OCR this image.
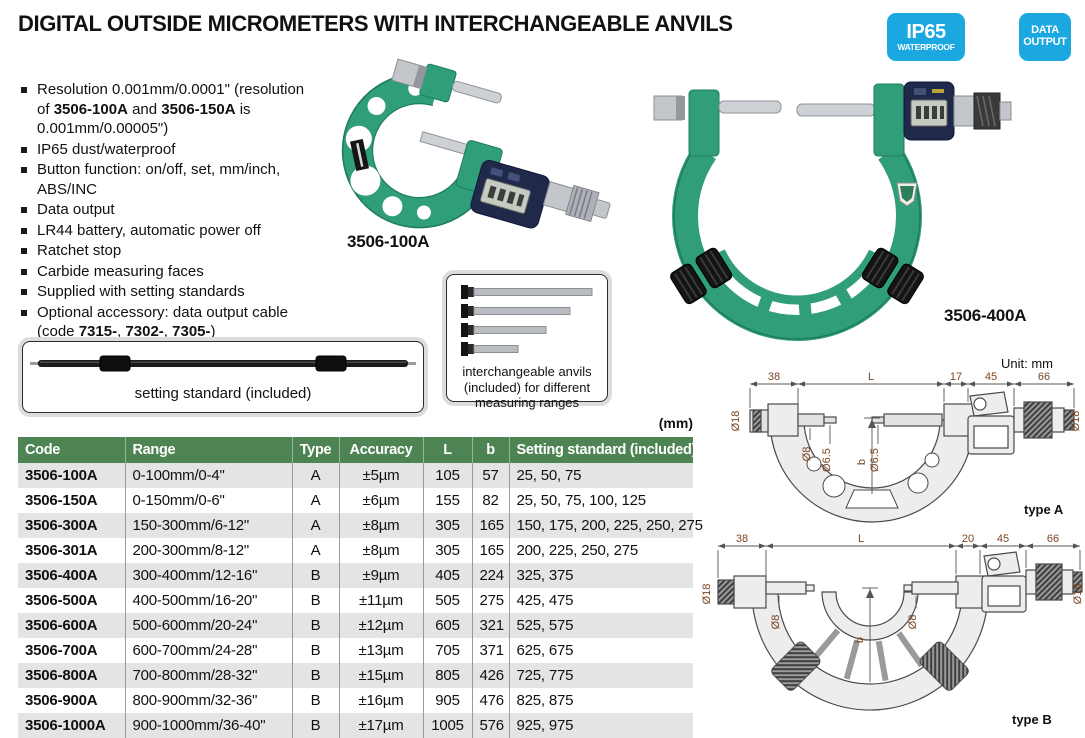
DIGITAL OUTSIDE MICROMETERS WITH INTERCHANGEABLE ANVILS	IP65
WATERPROOF
DATA
OUTPUT
Resolution 0.001mm/0.0001" (resolution of 3506-100A and 3506-150A is 0.001mm/0.00005")
IP65 dust/waterproof
Button function: on/off, set, mm/inch, ABS/INC
Data output
LR44 battery, automatic power off
Ratchet stop
Carbide measuring faces
Supplied with setting standards
Optional accessory: data output cable (code 7315-, 7302-, 7305-)
3506-100A
3506-400A
setting standard (included)
interchangeable anvils (included) for different measuring ranges
(mm)
Unit: mm
Code	Range	Type	Accuracy	L	b	Setting standard (included)
3506-100A	0-100mm/0-4"	A	±5µm	105	57	25, 50, 75
3506-150A	0-150mm/0-6"	A	±6µm	155	82	25, 50, 75, 100, 125
3506-300A	150-300mm/6-12"	A	±8µm	305	165	150, 175, 200, 225, 250, 275
3506-301A	200-300mm/8-12"	A	±8µm	305	165	200, 225, 250, 275
3506-400A	300-400mm/12-16"	B	±9µm	405	224	325, 375
3506-500A	400-500mm/16-20"	B	±11µm	505	275	425, 475
3506-600A	500-600mm/20-24"	B	±12µm	605	321	525, 575
3506-700A	600-700mm/24-28"	B	±13µm	705	371	625, 675
3506-800A	700-800mm/28-32"	B	±15µm	805	426	725, 775
3506-900A	800-900mm/32-36"	B	±16µm	905	476	825, 875
3506-1000A	900-1000mm/36-40"	B	±17µm	1005	576	925, 975
38	L	17 45	66
Ø18
Ø8 Ø6.5	Ø6.5
Ø18
b
type A
38	L	20 45	66
Ø18
Ø8	Ø8
Ø18
b
type B
